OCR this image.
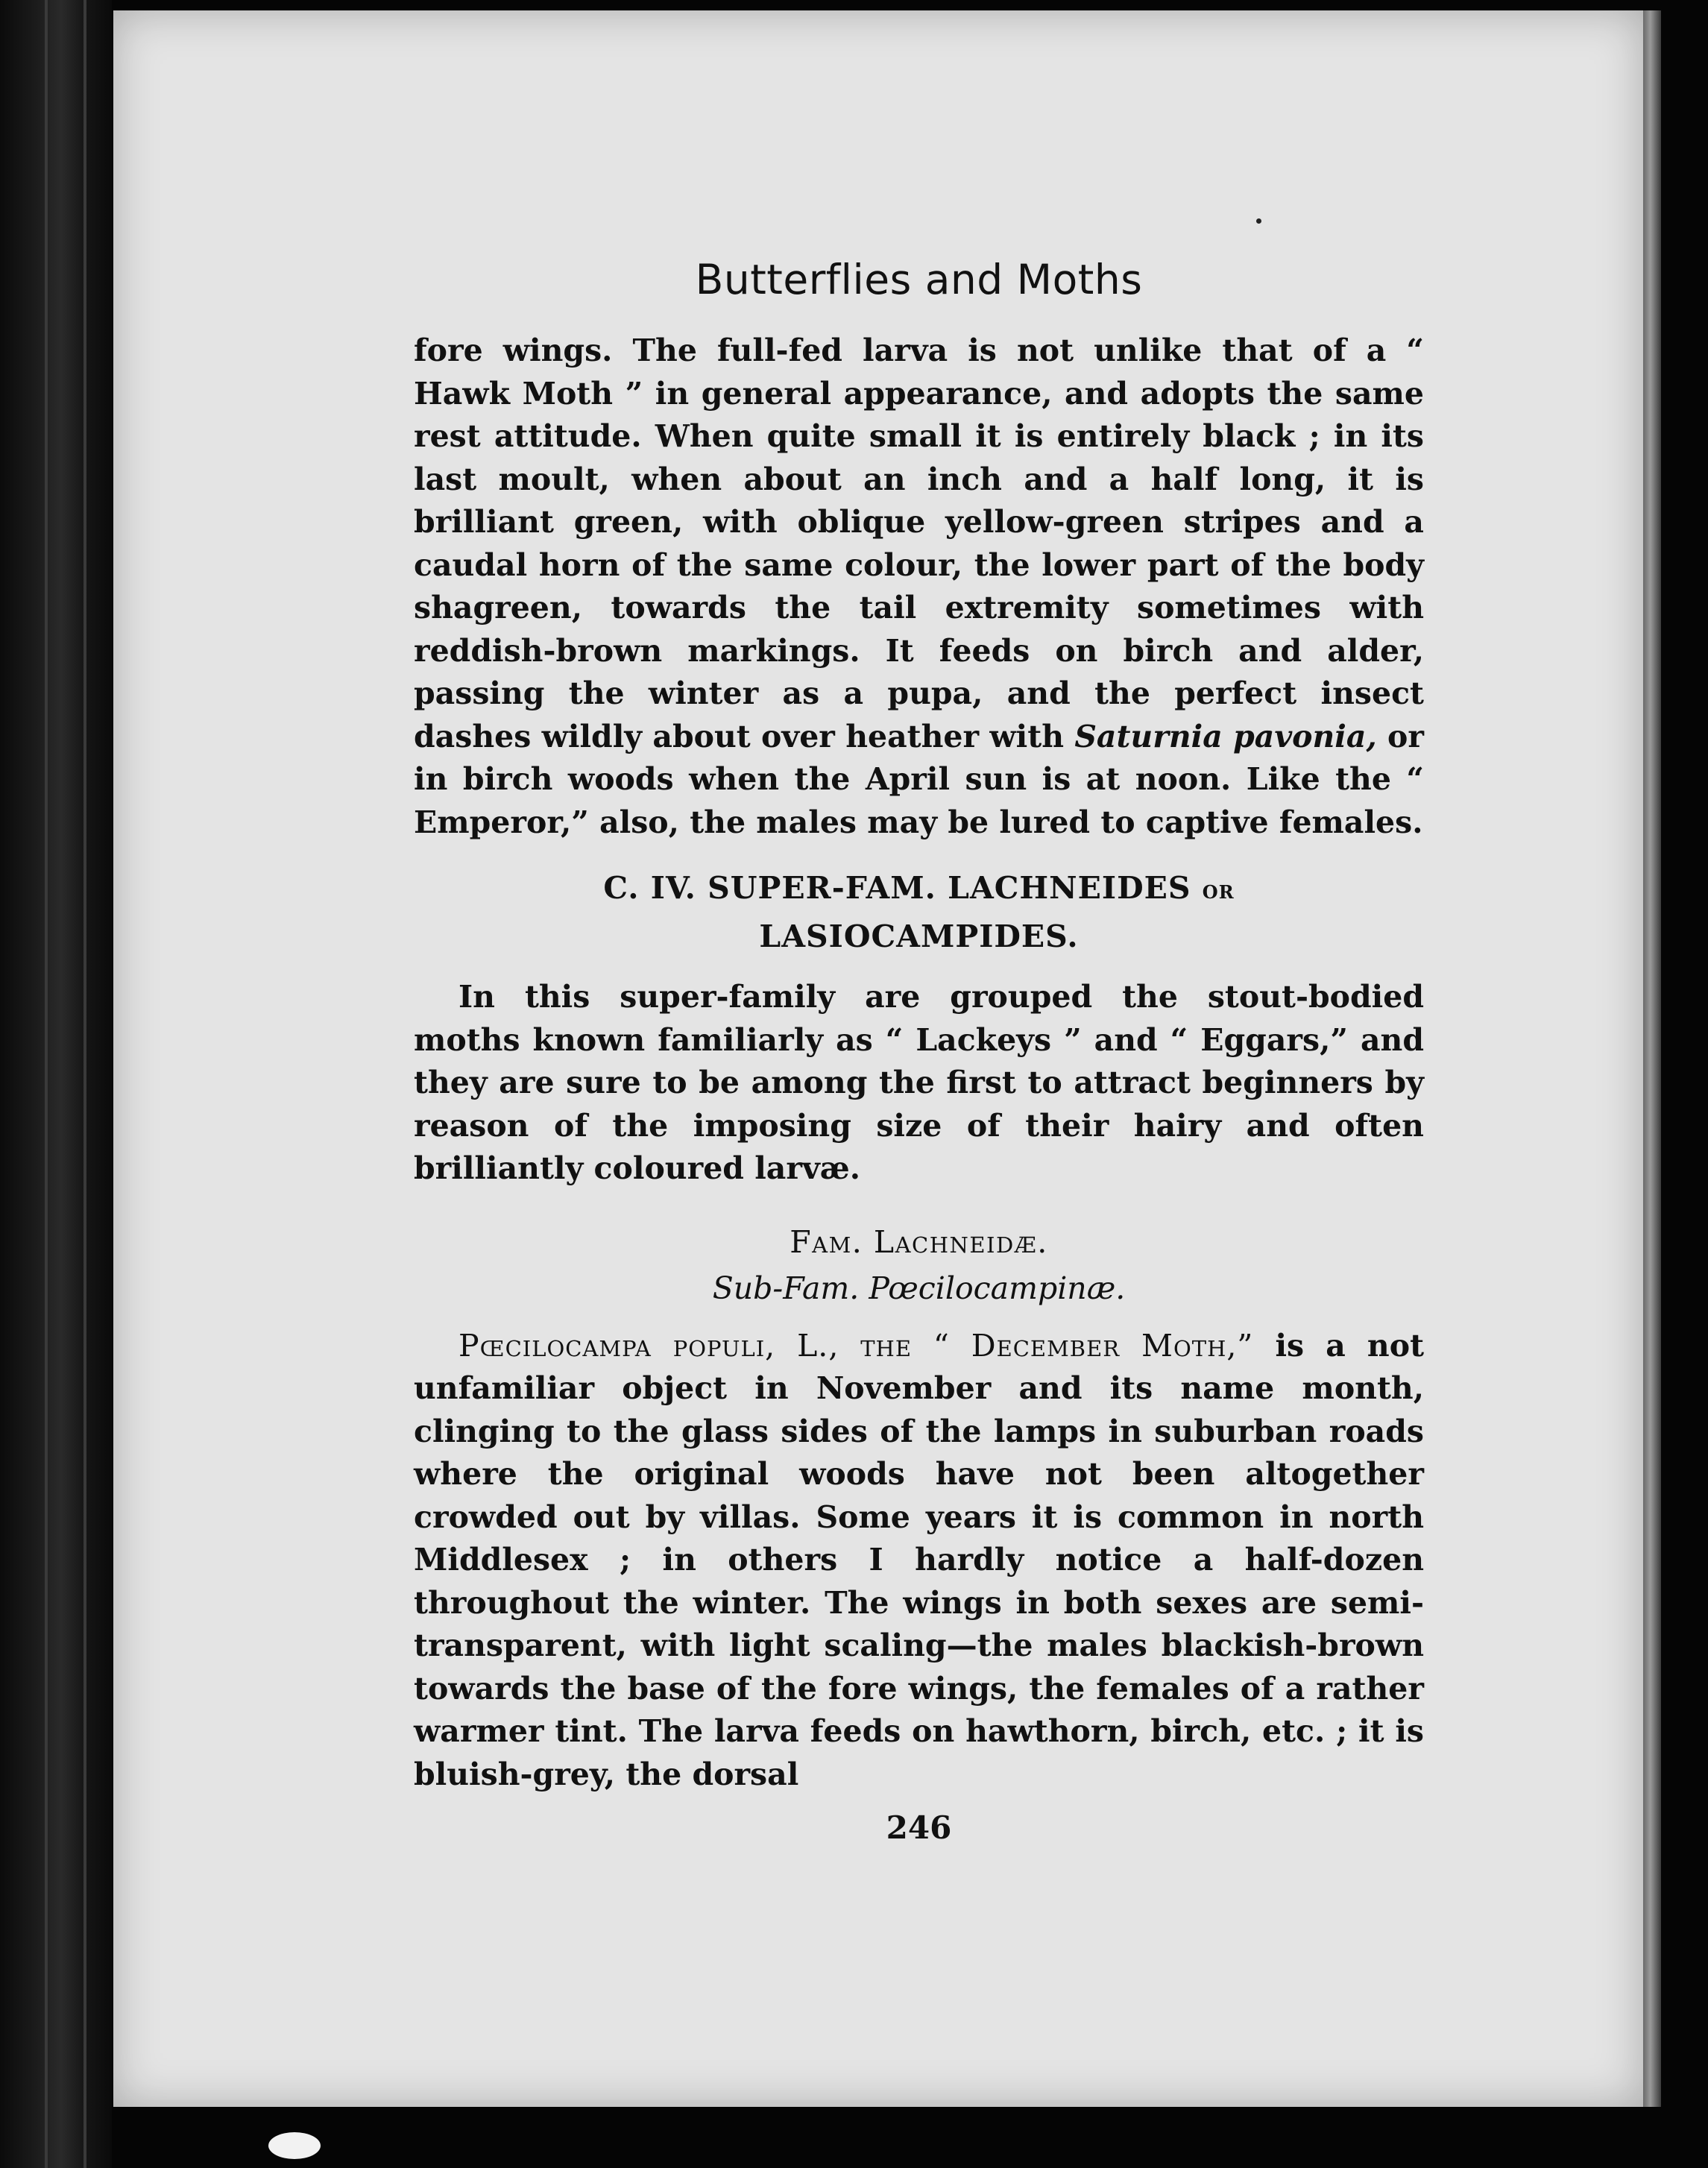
Butterflies and Moths

fore wings. The full-fed larva is not unlike that of a “ Hawk Moth ” in general appearance, and adopts the same rest attitude. When quite small it is entirely black ; in its last moult, when about an inch and a half long, it is brilliant green, with oblique yellow-green stripes and a caudal horn of the same colour, the lower part of the body shagreen, towards the tail extremity sometimes with reddish-brown markings. It feeds on birch and alder, passing the winter as a pupa, and the perfect insect dashes wildly about over heather with Saturnia pavonia, or in birch woods when the April sun is at noon. Like the “ Emperor,” also, the males may be lured to captive females.

C. IV. SUPER-FAM. LACHNEIDES or
LASIOCAMPIDES.

In this super-family are grouped the stout-bodied moths known familiarly as “ Lackeys ” and “ Eggars,” and they are sure to be among the first to attract beginners by reason of the imposing size of their hairy and often brilliantly coloured larvæ.

Fam. Lachneidæ.
Sub-Fam. Pœcilocampinæ.

Pœcilocampa populi, L., the “ December Moth,” is a not unfamiliar object in November and its name month, clinging to the glass sides of the lamps in suburban roads where the original woods have not been altogether crowded out by villas. Some years it is common in north Middlesex ; in others I hardly notice a half-dozen throughout the winter. The wings in both sexes are semi-transparent, with light scaling—the males blackish-brown towards the base of the fore wings, the females of a rather warmer tint. The larva feeds on hawthorn, birch, etc. ; it is bluish-grey, the dorsal

246
